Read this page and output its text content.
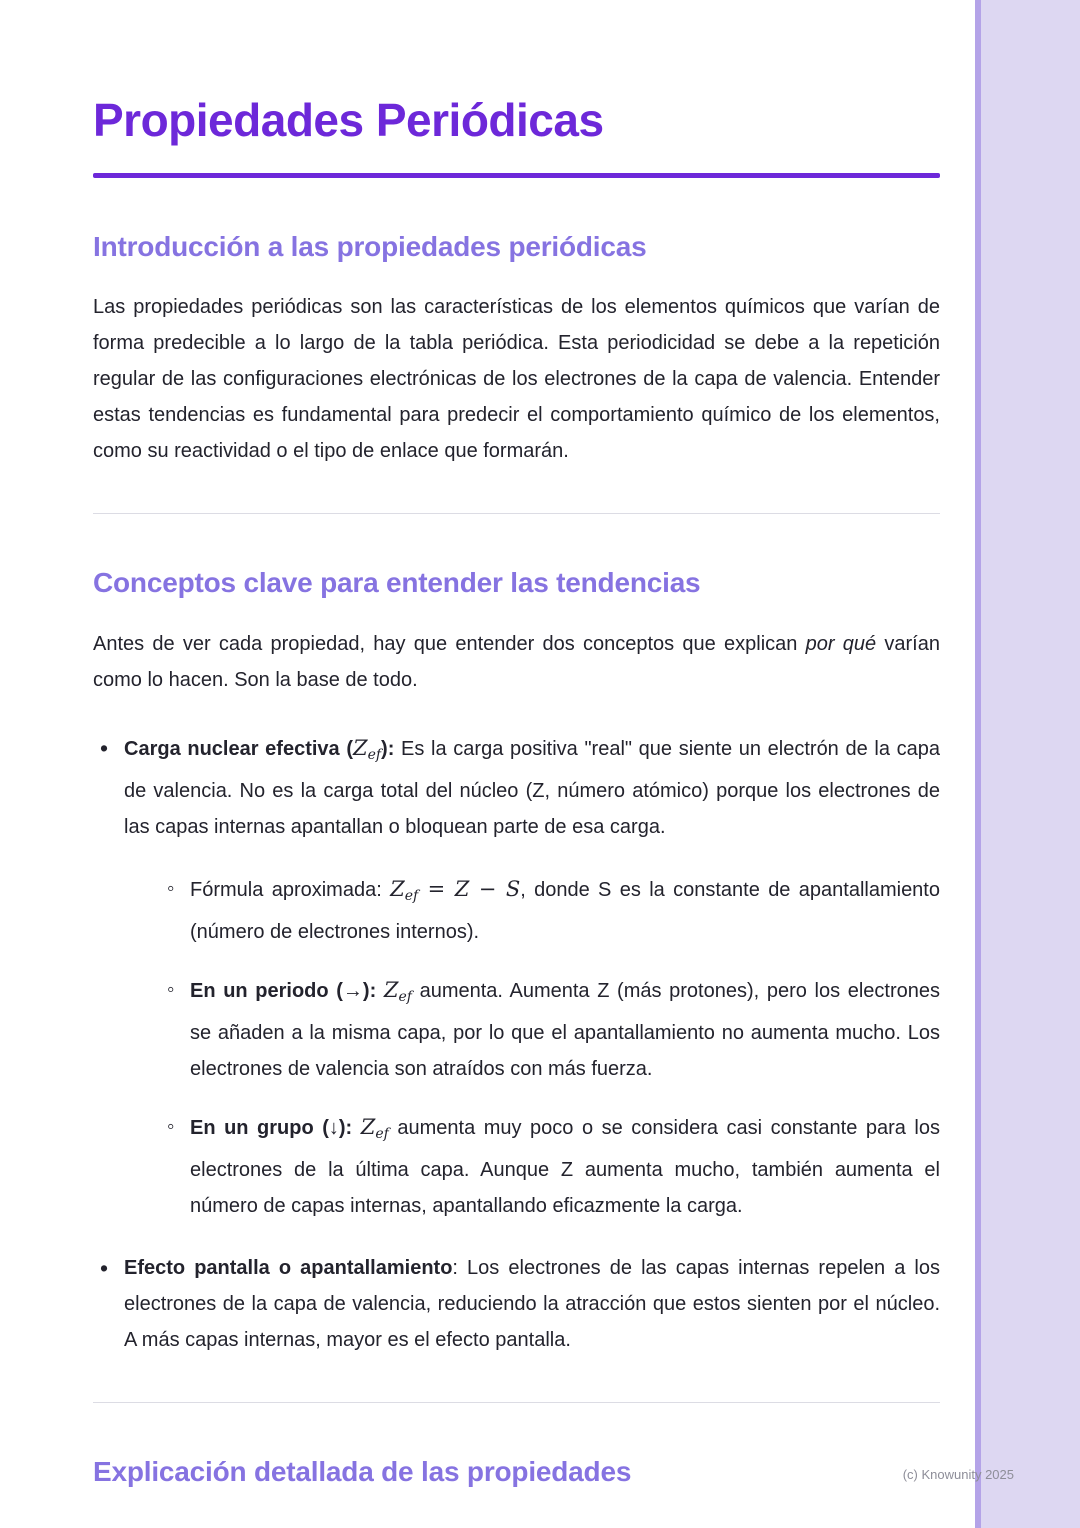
Propiedades Periódicas
Introducción a las propiedades periódicas

Las propiedades periódicas son las características de los elementos químicos que varían de forma predecible a lo largo de la tabla periódica. Esta periodicidad se debe a la repetición regular de las configuraciones electrónicas de los electrones de la capa de valencia. Entender estas tendencias es fundamental para predecir el comportamiento químico de los elementos, como su reactividad o el tipo de enlace que formarán.

Conceptos clave para entender las tendencias

Antes de ver cada propiedad, hay que entender dos conceptos que explican por qué varían como lo hacen. Son la base de todo.

• Carga nuclear efectiva $(Z_{ef})$: Es la carga positiva "real" que siente un electrón de la capa de valencia. No es la carga total del núcleo (Z, número atómico) porque los electrones de las capas internas apantallan o bloquean parte de esa carga.

◦ Fórmula aproximada: $Z_{ef} = Z - S$, donde S es la constante de apantallamiento (número de electrones internos).

◦ En un periodo (→): $Z_{ef}$ aumenta. Aumenta Z (más protones), pero los electrones se añaden a la misma capa, por lo que el apantallamiento no aumenta mucho. Los electrones de valencia son atraídos con más fuerza.

◦ En un grupo (↓): $Z_{ef}$ aumenta muy poco o se considera casi constante para los electrones de la última capa. Aunque Z aumenta mucho, también aumenta el número de capas internas, apantallando eficazmente la carga.

• Efecto pantalla o apantallamiento: Los electrones de las capas internas repelen a los electrones de la capa de valencia, reduciendo la atracción que estos sienten por el núcleo. A más capas internas, mayor es el efecto pantalla.

Explicación detallada de las propiedades	(c) Knowunity 2025
